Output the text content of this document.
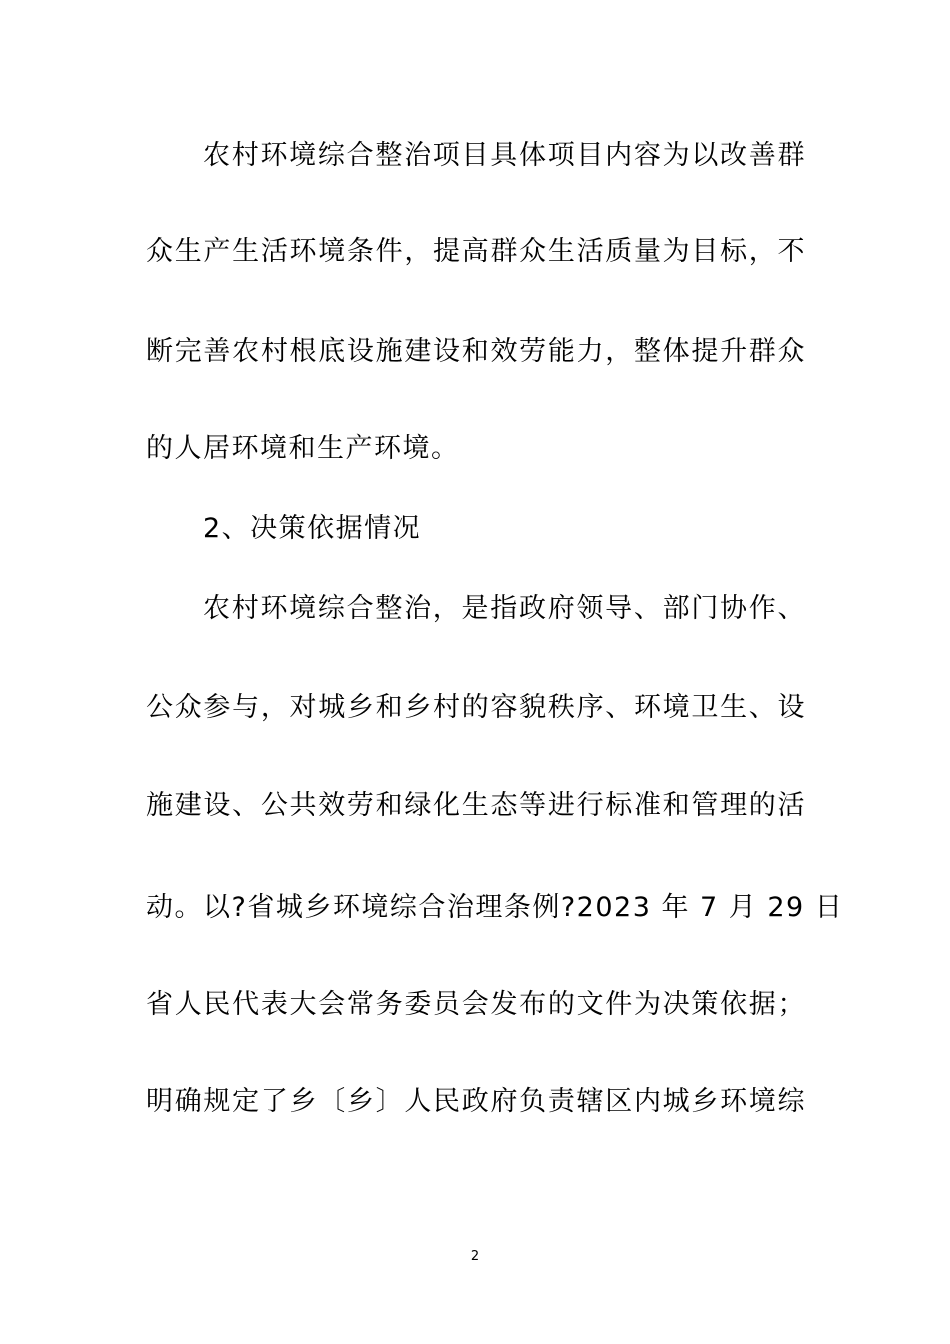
农村环境综合整治项目具体项目内容为以改善群
众生产生活环境条件，提高群众生活质量为目标，不
断完善农村根底设施建设和效劳能力，整体提升群众
的人居环境和生产环境。
2、决策依据情况
农村环境综合整治，是指政府领导、部门协作、
公众参与，对城乡和乡村的容貌秩序、环境卫生、设
施建设、公共效劳和绿化生态等进行标准和管理的活
动。以?省城乡环境综合治理条例?2023 年 7 月 29 日
省人民代表大会常务委员会发布的文件为决策依据；
明确规定了乡〔乡〕人民政府负责辖区内城乡环境综
2
